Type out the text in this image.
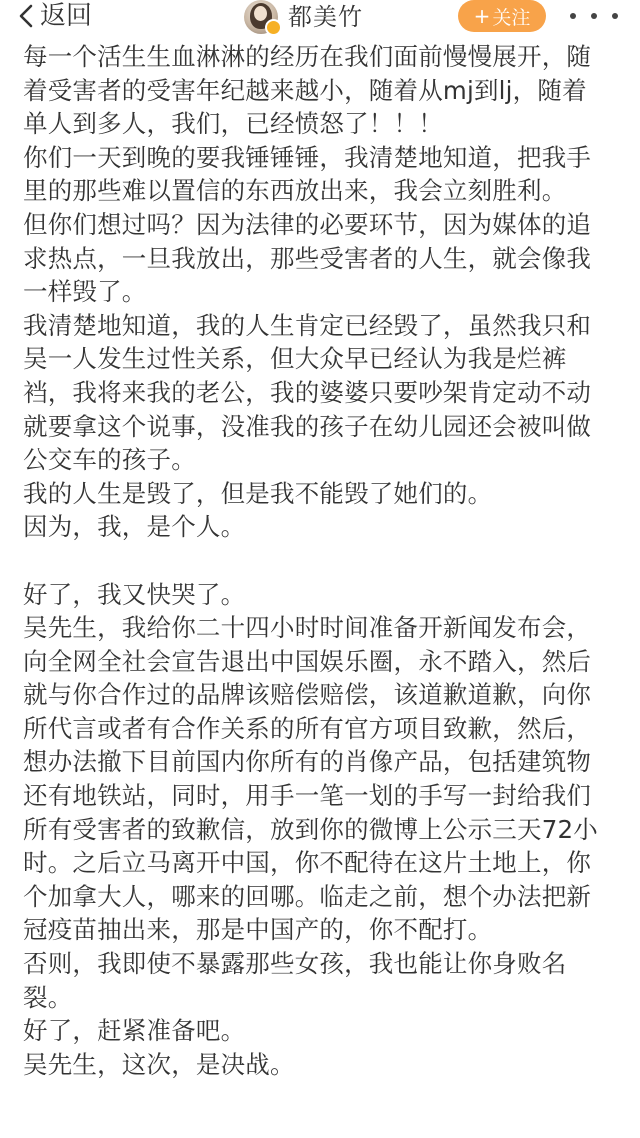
返回	都美竹	+ 关注
每一个活生生血淋淋的经历在我们面前慢慢展开，随
着受害者的受害年纪越来越小，随着从mj到lj，随着
单人到多人，我们，已经愤怒了！！！
你们一天到晚的要我锤锤锤，我清楚地知道，把我手
里的那些难以置信的东西放出来，我会立刻胜利。
但你们想过吗？因为法律的必要环节，因为媒体的追
求热点，一旦我放出，那些受害者的人生，就会像我
一样毁了。
我清楚地知道，我的人生肯定已经毁了，虽然我只和
吴一人发生过性关系，但大众早已经认为我是烂裤
裆，我将来我的老公，我的婆婆只要吵架肯定动不动
就要拿这个说事，没准我的孩子在幼儿园还会被叫做
公交车的孩子。
我的人生是毁了，但是我不能毁了她们的。
因为，我，是个人。
好了，我又快哭了。
吴先生，我给你二十四小时时间准备开新闻发布会，
向全网全社会宣告退出中国娱乐圈，永不踏入，然后
就与你合作过的品牌该赔偿赔偿，该道歉道歉，向你
所代言或者有合作关系的所有官方项目致歉，然后，
想办法撤下目前国内你所有的肖像产品，包括建筑物
还有地铁站，同时，用手一笔一划的手写一封给我们
所有受害者的致歉信，放到你的微博上公示三天72小
时。之后立马离开中国，你不配待在这片土地上，你
个加拿大人，哪来的回哪。临走之前，想个办法把新
冠疫苗抽出来，那是中国产的，你不配打。
否则，我即使不暴露那些女孩，我也能让你身败名
裂。
好了，赶紧准备吧。
吴先生，这次，是决战。
